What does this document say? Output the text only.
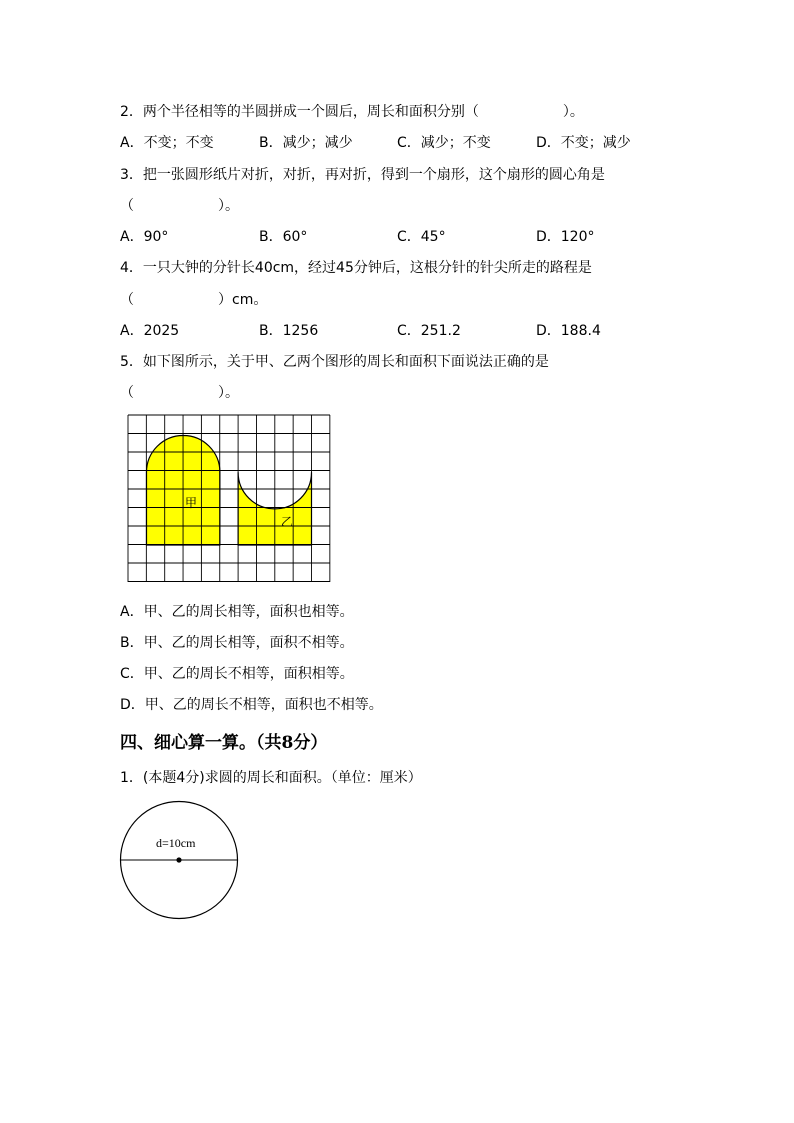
2．两个半径相等的半圆拼成一个圆后，周长和面积分别（　　　　　　）。
A．不变；不变	B．减少；减少	C．减少；不变	D．不变；减少
3．把一张圆形纸片对折，对折，再对折，得到一个扇形，这个扇形的圆心角是
（　　　　　　）。
A．90°	B．60°	C．45°	D．120°
4．一只大钟的分针长40cm，经过45分钟后，这根分针的针尖所走的路程是
（　　　　　　）cm。
A．2025	B．1256	C．251.2	D．188.4
5．如下图所示，关于甲、乙两个图形的周长和面积下面说法正确的是
（　　　　　　）。
甲
乙
A．甲、乙的周长相等，面积也相等。
B．甲、乙的周长相等，面积不相等。
C．甲、乙的周长不相等，面积相等。
D．甲、乙的周长不相等，面积也不相等。
四、细心算一算。（共8分）
1．(本题4分)求圆的周长和面积。（单位：厘米）
d=10cm
